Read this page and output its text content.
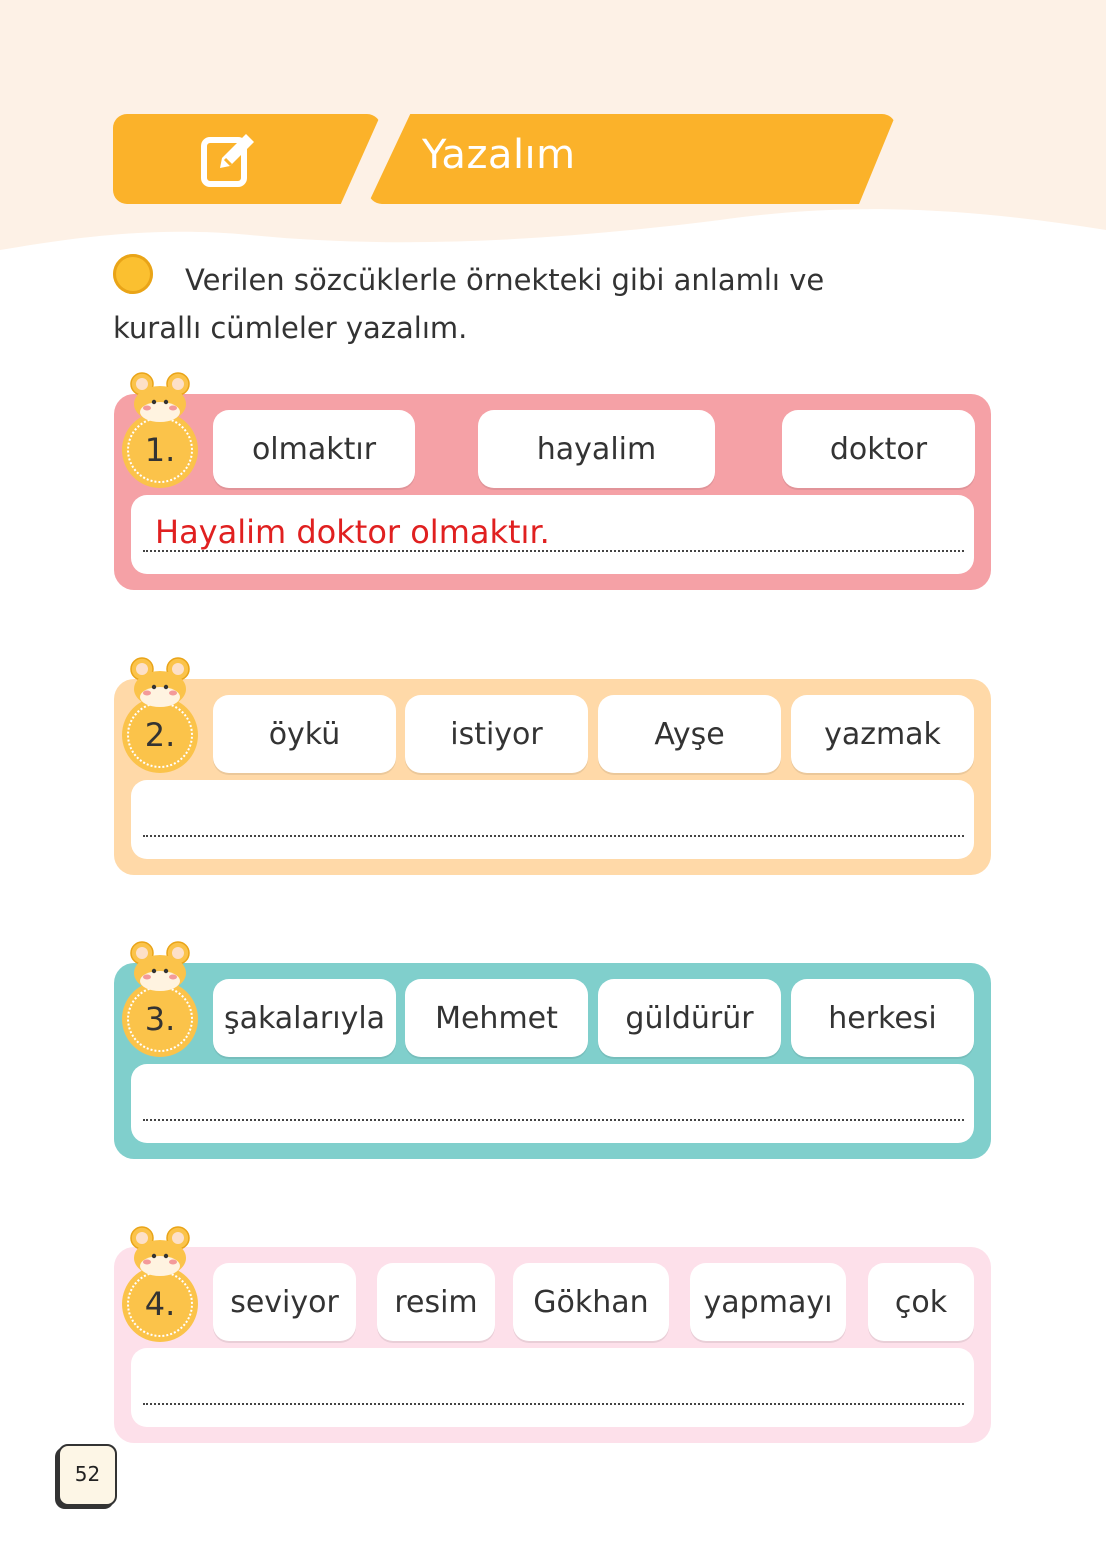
Yazalım
Verilen sözcüklerle örnekteki gibi anlamlı ve kurallı cümleler yazalım.
olmaktır	hayalim	doktor
Hayalim doktor olmaktır.
1.
öykü	istiyor	Ayşe	yazmak
2.
şakalarıyla	Mehmet	güldürür	herkesi
3.
seviyor	resim	Gökhan	yapmayı	çok
4.
52
